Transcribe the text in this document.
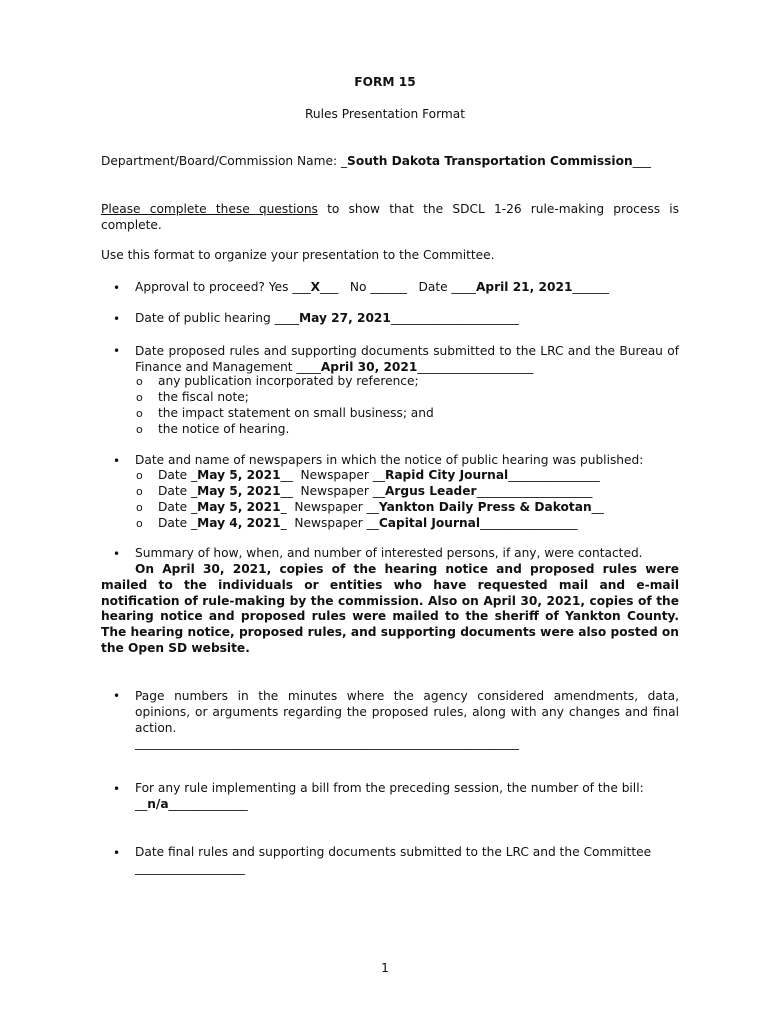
FORM 15
Rules Presentation Format
Department/Board/Commission Name: _South Dakota Transportation Commission___
Please complete these questions to show that the SDCL 1-26 rule-making process is complete.
Use this format to organize your presentation to the Committee.
• Approval to proceed? Yes ___X___   No ______   Date ____April 21, 2021______
• Date of public hearing ____May 27, 2021_____________________
• Date proposed rules and supporting documents submitted to the LRC and the Bureau of Finance and Management ____April 30, 2021___________________
o any publication incorporated by reference;
o the fiscal note;
o the impact statement on small business; and
o the notice of hearing.
• Date and name of newspapers in which the notice of public hearing was published:
o Date _May 5, 2021__  Newspaper __Rapid City Journal_______________
o Date _May 5, 2021__  Newspaper __Argus Leader___________________
o Date _May 5, 2021_  Newspaper __Yankton Daily Press & Dakotan__
o Date _May 4, 2021_  Newspaper __Capital Journal________________
• Summary of how, when, and number of interested persons, if any, were contacted.
On April 30, 2021, copies of the hearing notice and proposed rules were mailed to the individuals or entities who have requested mail and e-mail notification of rule-making by the commission. Also on April 30, 2021, copies of the hearing notice and proposed rules were mailed to the sheriff of Yankton County. The hearing notice, proposed rules, and supporting documents were also posted on the Open SD website.
• Page numbers in the minutes where the agency considered amendments, data, opinions, or arguments regarding the proposed rules, along with any changes and final action.
_______________________________________________________________
• For any rule implementing a bill from the preceding session, the number of the bill:
__n/a_____________
• Date final rules and supporting documents submitted to the LRC and the Committee
__________________
1
